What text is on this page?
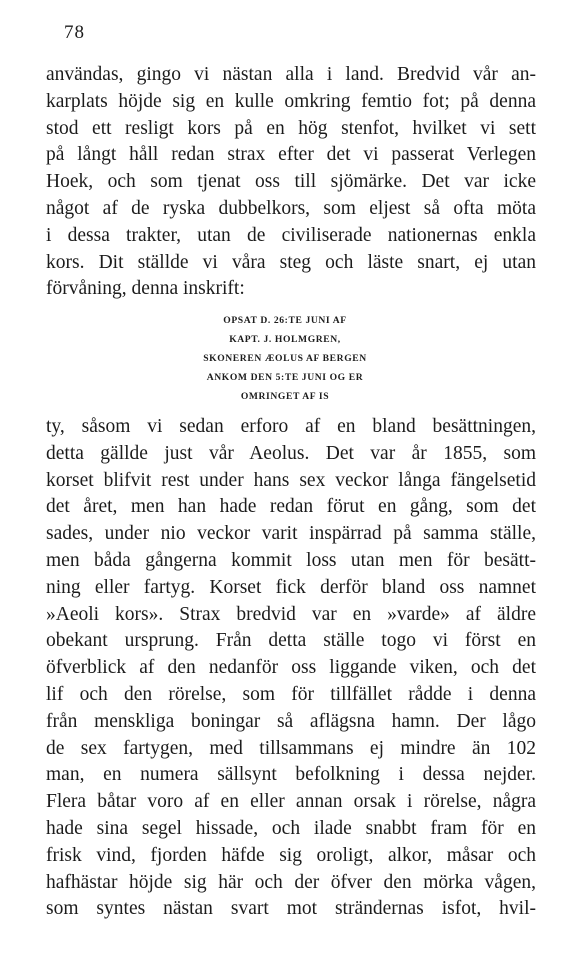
78
användas, gingo vi nästan alla i land. Bredvid vår an-
karplats höjde sig en kulle omkring femtio fot; på denna
stod ett resligt kors på en hög stenfot, hvilket vi sett
på långt håll redan strax efter det vi passerat Verlegen
Hoek, och som tjenat oss till sjömärke. Det var icke
något af de ryska dubbelkors, som eljest så ofta möta
i dessa trakter, utan de civiliserade nationernas enkla
kors. Dit ställde vi våra steg och läste snart, ej utan
förvåning, denna inskrift:
OPSAT D. 26:TE JUNI AF
KAPT. J. HOLMGREN,
SKONEREN ÆOLUS AF BERGEN
ANKOM DEN 5:TE JUNI OG ER
OMRINGET AF IS
ty, såsom vi sedan erforo af en bland besättningen,
detta gällde just vår Aeolus. Det var år 1855, som
korset blifvit rest under hans sex veckor långa fängelsetid
det året, men han hade redan förut en gång, som det
sades, under nio veckor varit inspärrad på samma ställe,
men båda gångerna kommit loss utan men för besätt-
ning eller fartyg. Korset fick derför bland oss namnet
»Aeoli kors». Strax bredvid var en »varde» af äldre
obekant ursprung. Från detta ställe togo vi först en
öfverblick af den nedanför oss liggande viken, och det
lif och den rörelse, som för tillfället rådde i denna
från menskliga boningar så aflägsna hamn. Der lågo
de sex fartygen, med tillsammans ej mindre än 102
man, en numera sällsynt befolkning i dessa nejder.
Flera båtar voro af en eller annan orsak i rörelse, några
hade sina segel hissade, och ilade snabbt fram för en
frisk vind, fjorden häfde sig oroligt, alkor, måsar och
hafhästar höjde sig här och der öfver den mörka vågen,
som syntes nästan svart mot strändernas isfot, hvil-
